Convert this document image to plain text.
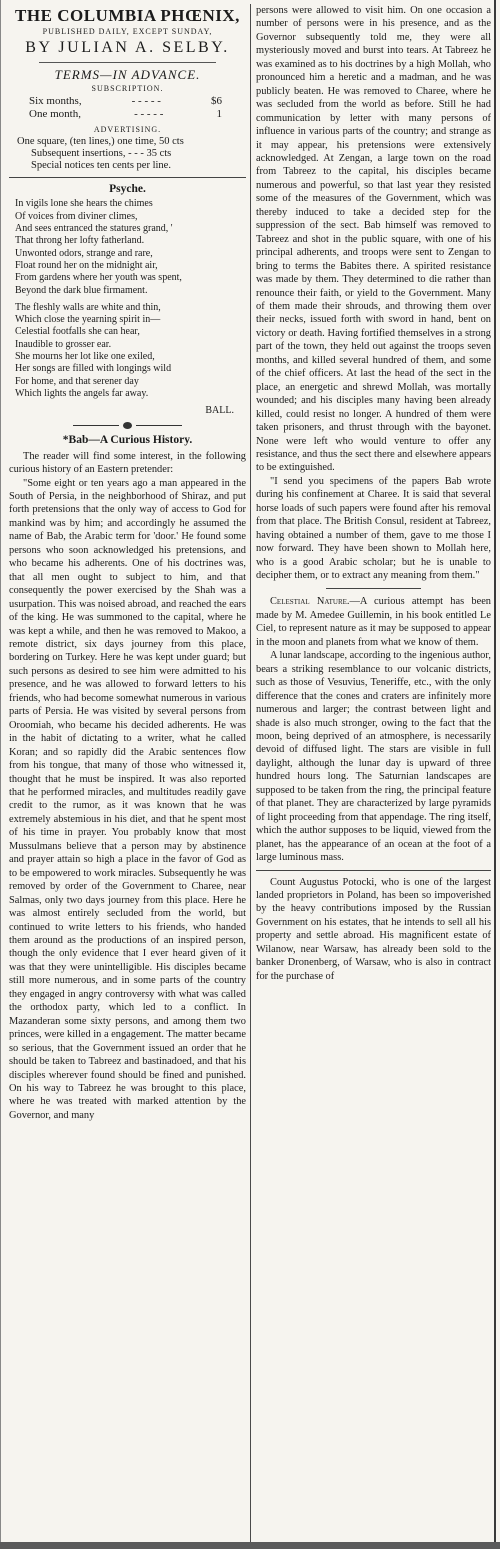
THE COLUMBIA PHŒNIX,
PUBLISHED DAILY, EXCEPT SUNDAY,
BY JULIAN A. SELBY.
TERMS—IN ADVANCE.
SUBSCRIPTION.
Six months,	- - - - -	$6
One month,	- - - - -	1
ADVERTISING.
One square, (ten lines,) one time, 50 cts
Subsequent insertions, - - - 35 cts
Special notices ten cents per line.
Psyche.
In vigils lone she hears the chimes
Of voices from diviner climes,
And sees entranced the statures grand, '
That throng her lofty fatherland.
Unwonted odors, strange and rare,
Float round her on the midnight air,
From gardens where her youth was spent,
Beyond the dark blue firmament.
The fleshly walls are white and thin,
Which close the yearning spirit in—
Celestial footfalls she can hear,
Inaudible to grosser ear.
She mourns her lot like one exiled,
Her songs are filled with longings wild
For home, and that serener day
Which lights the angels far away.
BALL.
*Bab—A Curious History.

The reader will find some interest, in the following curious history of an Eastern pretender:

"Some eight or ten years ago a man appeared in the South of Persia, in the neighborhood of Shiraz, and put forth pretensions that the only way of access to God for mankind was by him; and accordingly he assumed the name of Bab, the Arabic term for 'door.' He found some persons who soon acknowledged his pretensions, and who became his adherents. One of his doctrines was, that all men ought to subject to him, and that consequently the power exercised by the Shah was a usurpation. This was noised abroad, and reached the ears of the king. He was summoned to the capital, where he was kept a while, and then he was removed to Makoo, a remote district, six days journey from this place, bordering on Turkey. Here he was kept under guard; but such persons as desired to see him were admitted to his presence, and he was allowed to forward letters to his friends, who had become somewhat numerous in various parts of Persia. He was visited by several persons from Oroomiah, who became his decided adherents. He was in the habit of dictating to a writer, what he called Koran; and so rapidly did the Arabic sentences flow from his tongue, that many of those who witnessed it, thought that he must be inspired. It was also reported that he performed miracles, and multitudes readily gave credit to the rumor, as it was known that he was extremely abstemious in his diet, and that he spent most of his time in prayer. You probably know that most Mussulmans believe that a person may by abstinence and prayer attain so high a place in the favor of God as to be empowered to work miracles. Subsequently he was removed by order of the Government to Charee, near Salmas, only two days journey from this place. Here he was almost entirely secluded from the world, but continued to write letters to his friends, who handed them around as the productions of an inspired person, though the only evidence that I ever heard given of it was that they were unintelligible. His disciples became still more numerous, and in some parts of the country they engaged in angry controversy with what was called the orthodox party, which led to a conflict. In Mazanderan some sixty persons, and among them two princes, were killed in a engagement. The matter became so serious, that the Government issued an order that he should be taken to Tabreez and bastinadoed, and that his disciples wherever found should be fined and punished. On his way to Tabreez he was brought to this place, where he was treated with marked attention by the Governor, and many

persons were allowed to visit him. On one occasion a number of persons were in his presence, and as the Governor subsequently told me, they were all mysteriously moved and burst into tears. At Tabreez he was examined as to his doctrines by a high Mollah, who pronounced him a heretic and a madman, and he was publicly beaten. He was removed to Charee, where he was secluded from the world as before. Still he had communication by letter with many persons of influence in various parts of the country; and strange as it may appear, his pretensions were extensively acknowledged. At Zengan, a large town on the road from Tabreez to the capital, his disciples became numerous and powerful, so that last year they resisted some of the measures of the Government, which was thereby induced to take a decided step for the suppression of the sect. Bab himself was removed to Tabreez and shot in the public square, with one of his principal adherents, and troops were sent to Zengan to bring to terms the Babites there. A spirited resistance was made by them. They determined to die rather than renounce their faith, or yield to the Government. Many of them made their shrouds, and throwing them over their necks, issued forth with sword in hand, bent on victory or death. Having fortified themselves in a strong part of the town, they held out against the troops seven months, and killed several hundred of them, and some of the chief officers. At last the head of the sect in the place, an energetic and shrewd Mollah, was mortally wounded; and his disciples many having been already killed, could resist no longer. A hundred of them were taken prisoners, and thrust through with the bayonet. None were left who would venture to offer any resistance, and thus the sect there and elsewhere appears to be extinguished.

"I send you specimens of the papers Bab wrote during his confinement at Charee. It is said that several horse loads of such papers were found after his removal from that place. The British Consul, resident at Tabreez, having obtained a number of them, gave to me those I now forward. They have been shown to Mollah here, who is a good Arabic scholar; but he is unable to decipher them, or to extract any meaning from them."

Celestial Nature.—A curious attempt has been made by M. Amedee Guillemin, in his book entitled Le Ciel, to represent nature as it may be supposed to appear in the moon and planets from what we know of them.

A lunar landscape, according to the ingenious author, bears a striking resemblance to our volcanic districts, such as those of Vesuvius, Teneriffe, etc., with the only difference that the cones and craters are infinitely more numerous and larger; the contrast between light and shade is also much stronger, owing to the fact that the moon, being deprived of an atmosphere, is necessarily devoid of diffused light. The stars are visible in full daylight, although the lunar day is upward of three hundred hours long. The Saturnian landscapes are supposed to be taken from the ring, the principal feature of that planet. They are characterized by large pyramids of light proceeding from that appendage. The ring itself, which the author supposes to be liquid, viewed from the planet, has the appearance of an ocean at the foot of a large luminous mass.

Count Augustus Potocki, who is one of the largest landed proprietors in Poland, has been so impoverished by the heavy contributions imposed by the Russian Government on his estates, that he intends to sell all his property and settle abroad. His magnificent estate of Wilanow, near Warsaw, has already been sold to the banker Dronenberg, of Warsaw, who is also in contract for the purchase of
